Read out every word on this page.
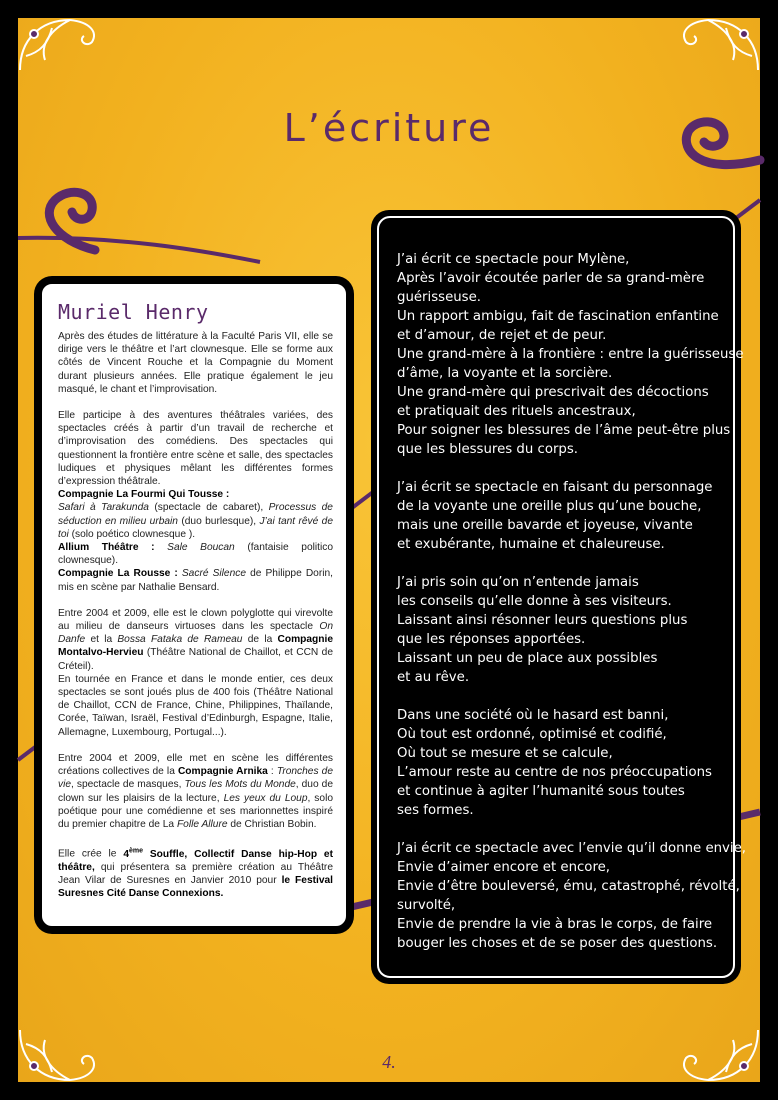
L’écriture
Muriel Henry

Après des études de littérature à la Faculté Paris VII, elle se dirige vers le théâtre et l’art clownesque. Elle se forme aux côtés de Vincent Rouche et la Compagnie du Moment durant plusieurs années. Elle pratique également le jeu masqué, le chant et l’improvisation.

Elle participe à des aventures théâtrales variées, des spectacles créés à partir d’un travail de recherche et d’improvisation des comédiens. Des spectacles qui questionnent la frontière entre scène et salle, des spectacles ludiques et physiques mêlant les différentes formes d’expression théâtrale.
Compagnie La Fourmi Qui Tousse :
Safari à Tarakunda (spectacle de cabaret), Processus de séduction en milieu urbain (duo burlesque), J’ai tant rêvé de toi (solo poético clownesque ).
Allium Théâtre : Sale Boucan (fantaisie politico clownesque).
Compagnie La Rousse : Sacré Silence de Philippe Dorin, mis en scène par Nathalie Bensard.

Entre 2004 et 2009, elle est le clown polyglotte qui virevolte au milieu de danseurs virtuoses dans les spectacle On Danfe et la Bossa Fataka de Rameau de la Compagnie Montalvo-Hervieu (Théâtre National de Chaillot, et CCN de Créteil).
En tournée en France et dans le monde entier, ces deux spectacles se sont joués plus de 400 fois (Théâtre National de Chaillot, CCN de France, Chine, Philippines, Thaïlande, Corée, Taïwan, Israël, Festival d’Edinburgh, Espagne, Italie, Allemagne, Luxembourg, Portugal...).

Entre 2004 et 2009, elle met en scène les différentes créations collectives de la Compagnie Arnika : Tronches de vie, spectacle de masques, Tous les Mots du Monde, duo de clown sur les plaisirs de la lecture, Les yeux du Loup, solo poétique pour une comédienne et ses marionnettes inspiré du premier chapitre de La Folle Allure de Christian Bobin.

Elle crée le 4ème Souffle, Collectif Danse hip-Hop et théâtre, qui présentera sa première création au Théâtre Jean Vilar de Suresnes en Janvier 2010 pour le Festival Suresnes Cité Danse Connexions.

J’ai écrit ce spectacle pour Mylène,
Après l’avoir écoutée parler de sa grand-mère
guérisseuse.
Un rapport ambigu, fait de fascination enfantine
et d’amour, de rejet et de peur.
Une grand-mère à la frontière : entre la guérisseuse
d’âme, la voyante et la sorcière.
Une grand-mère qui prescrivait des décoctions
et pratiquait des rituels ancestraux,
Pour soigner les blessures de l’âme peut-être plus
que les blessures du corps.
J’ai écrit se spectacle en faisant du personnage
de la voyante une oreille plus qu’une bouche,
mais une oreille bavarde et joyeuse, vivante
et exubérante, humaine et chaleureuse.
J’ai pris soin qu’on n’entende jamais
les conseils qu’elle donne à ses visiteurs.
Laissant ainsi résonner leurs questions plus
que les réponses apportées.
Laissant un peu de place aux possibles
et au rêve.
Dans une société où le hasard est banni,
Où tout est ordonné, optimisé et codifié,
Où tout se mesure et se calcule,
L’amour reste au centre de nos préoccupations
et continue à agiter l’humanité sous toutes
ses formes.
J’ai écrit ce spectacle avec l’envie qu’il donne envie,
Envie d’aimer encore et encore,
Envie d’être bouleversé, ému, catastrophé, révolté,
survolté,
Envie de prendre la vie à bras le corps, de faire
bouger les choses et de se poser des questions.
4.
